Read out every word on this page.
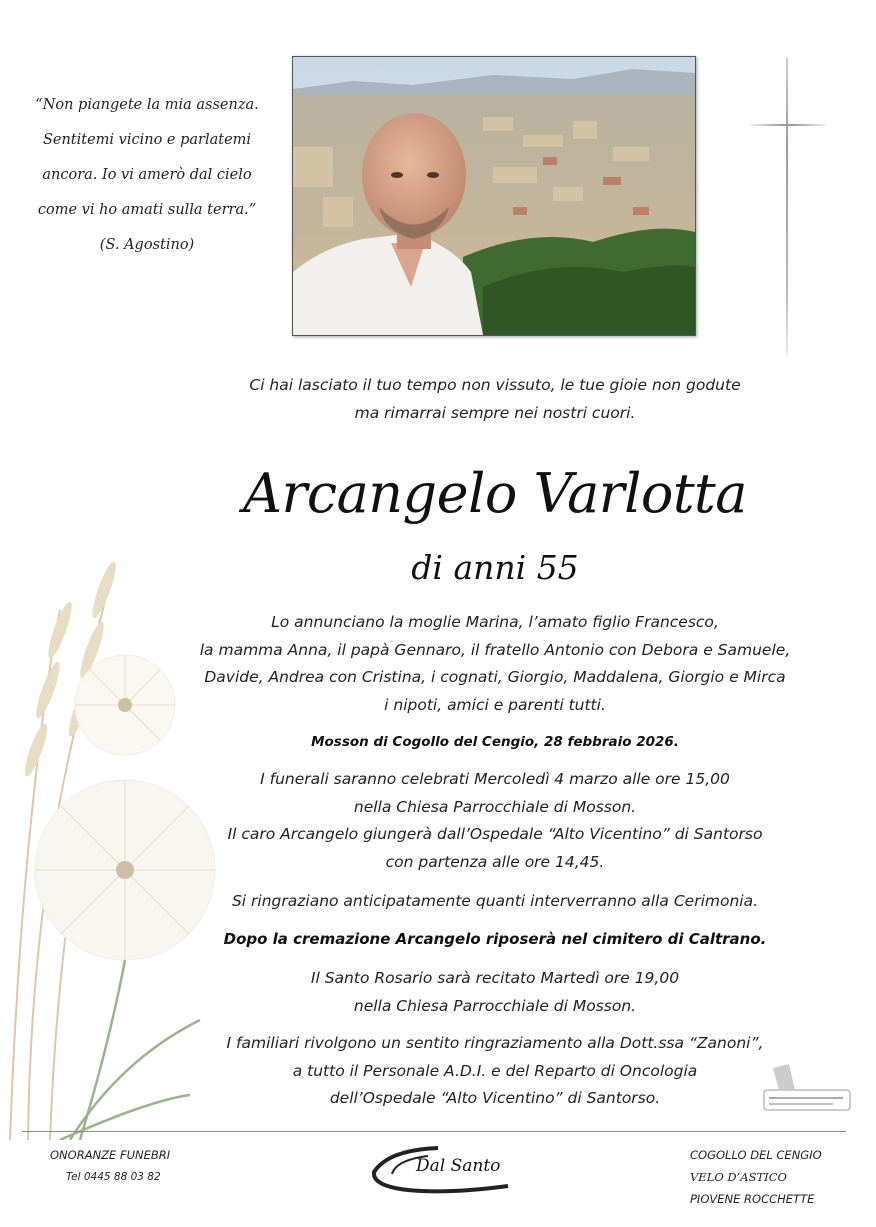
“Non piangete la mia assenza.
Sentitemi vicino e parlatemi
ancora. Io vi amerò dal cielo
come vi ho amati sulla terra.”
(S. Agostino)
Ci hai lasciato il tuo tempo non vissuto, le tue gioie non godute
ma rimarrai sempre nei nostri cuori.
Arcangelo Varlotta
di anni 55
Lo annunciano la moglie Marina, l’amato figlio Francesco,
la mamma Anna, il papà Gennaro, il fratello Antonio con Debora e Samuele,
Davide, Andrea con Cristina, i cognati, Giorgio, Maddalena, Giorgio e Mirca
i nipoti, amici e parenti tutti.
Mosson di Cogollo del Cengio, 28 febbraio 2026.
I funerali saranno celebrati Mercoledì 4 marzo alle ore 15,00
nella Chiesa Parrocchiale di Mosson.
Il caro Arcangelo giungerà dall’Ospedale “Alto Vicentino” di Santorso
con partenza alle ore 14,45.
Si ringraziano anticipatamente quanti interverranno alla Cerimonia.
Dopo la cremazione Arcangelo riposerà nel cimitero di Caltrano.
Il Santo Rosario sarà recitato Martedì ore 19,00
nella Chiesa Parrocchiale di Mosson.
I familiari rivolgono un sentito ringraziamento alla Dott.ssa “Zanoni”,
a tutto il Personale A.D.I. e del Reparto di Oncologia
dell’Ospedale “Alto Vicentino” di Santorso.
ONORANZE FUNEBRI
Tel 0445 88 03 82
Dal Santo
COGOLLO DEL CENGIO
VELO D’ASTICO
PIOVENE ROCCHETTE
